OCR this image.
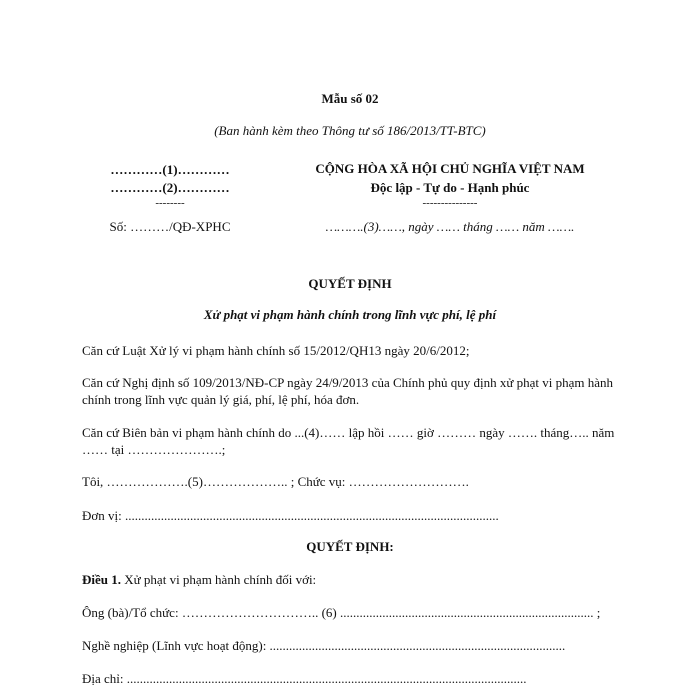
Mẫu số 02
(Ban hành kèm theo Thông tư số 186/2013/TT-BTC)
…………(1)…………
…………(2)…………
--------
Số: ………/QĐ-XPHC
CỘNG HÒA XÃ HỘI CHỦ NGHĨA VIỆT NAM
Độc lập - Tự do - Hạnh phúc
---------------
……….(3)……, ngày …… tháng …… năm …….
QUYẾT ĐỊNH
Xử phạt vi phạm hành chính trong lĩnh vực phí, lệ phí
Căn cứ Luật Xử lý vi phạm hành chính số 15/2012/QH13 ngày 20/6/2012;
Căn cứ Nghị định số 109/2013/NĐ-CP ngày 24/9/2013 của Chính phủ quy định xử phạt vi phạm hành chính trong lĩnh vực quản lý giá, phí, lệ phí, hóa đơn.
Căn cứ Biên bản vi phạm hành chính do ...(4)…… lập hồi …… giờ ……… ngày ……. tháng….. năm …… tại ………………….;
Tôi, ……………….(5)……………….. ; Chức vụ: ……………………….
Đơn vị: ...................................................................................................................
QUYẾT ĐỊNH:
Điều 1. Xử phạt vi phạm hành chính đối với:
Ông (bà)/Tổ chức: ………………………….. (6) .............................................................................. ;
Nghề nghiệp (Lĩnh vực hoạt động): ...........................................................................................
Địa chỉ: ...........................................................................................................................
